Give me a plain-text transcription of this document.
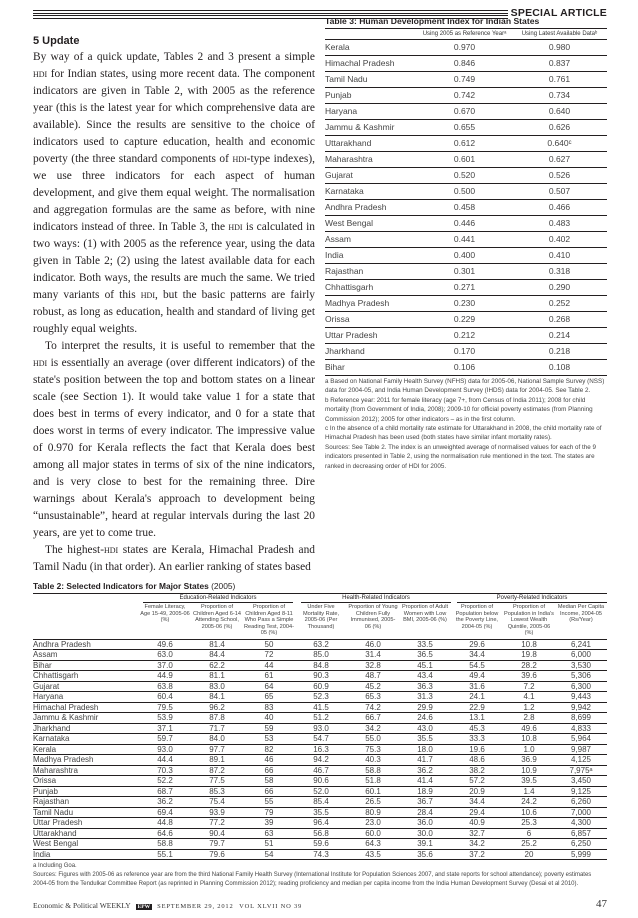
SPECIAL ARTICLE
5 Update

By way of a quick update, Tables 2 and 3 present a simple hdi for Indian states, using more recent data. The component indicators are given in Table 2, with 2005 as the reference year (this is the latest year for which comprehensive data are available). Since the results are sensitive to the choice of indicators used to capture education, health and economic poverty (the three standard components of hdi-type indexes), we use three indicators for each aspect of human development, and give them equal weight. The normalisation and aggregation formulas are the same as before, with nine indicators instead of three. In Table 3, the hdi is calculated in two ways: (1) with 2005 as the reference year, using the data given in Table 2; (2) using the latest available data for each indicator. Both ways, the results are much the same. We tried many variants of this hdi, but the basic patterns are fairly robust, as long as education, health and standard of living get roughly equal weights.

To interpret the results, it is useful to remember that the hdi is essentially an average (over different indicators) of the state's position between the top and bottom states on a linear scale (see Section 1). It would take value 1 for a state that does best in terms of every indicator, and 0 for a state that does worst in terms of every indicator. The impressive value of 0.970 for Kerala reflects the fact that Kerala does best among all major states in terms of six of the nine indicators, and is very close to best for the remaining three. Dire warnings about Kerala's approach to development being “unsustainable”, heard at regular intervals during the last 20 years, are yet to come true.

The highest-hdi states are Kerala, Himachal Pradesh and Tamil Nadu (in that order). An earlier ranking of states based

Table 3: Human Development Index for Indian States
Using 2005 as Reference Yearᵃ	Using Latest Available Dataᵇ
Kerala	0.970	0.980
Himachal Pradesh	0.846	0.837
Tamil Nadu	0.749	0.761
Punjab	0.742	0.734
Haryana	0.670	0.640
Jammu & Kashmir	0.655	0.626
Uttarakhand	0.612	0.640ᶜ
Maharashtra	0.601	0.627
Gujarat	0.520	0.526
Karnataka	0.500	0.507
Andhra Pradesh	0.458	0.466
West Bengal	0.446	0.483
Assam	0.441	0.402
India	0.400	0.410
Rajasthan	0.301	0.318
Chhattisgarh	0.271	0.290
Madhya Pradesh	0.230	0.252
Orissa	0.229	0.268
Uttar Pradesh	0.212	0.214
Jharkhand	0.170	0.218
Bihar	0.106	0.108
a Based on National Family Health Survey (NFHS) data for 2005-06, National Sample Survey (NSS) data for 2004-05, and India Human Development Survey (IHDS) data for 2004-05. See Table 2.
b Reference year: 2011 for female literacy (age 7+, from Census of India 2011); 2008 for child mortality (from Government of India, 2008); 2009-10 for official poverty estimates (from Planning Commission 2012); 2005 for other indicators – as in the first column.
c In the absence of a child mortality rate estimate for Uttarakhand in 2008, the child mortality rate of Himachal Pradesh has been used (both states have similar infant mortality rates).
Sources: See Table 2. The index is an unweighted average of normalised values for each of the 9 indicators presented in Table 2, using the normalisation rule mentioned in the text. The states are ranked in decreasing order of HDI for 2005.
Table 2: Selected Indicators for Major States (2005)
Education-Related Indicators	Health-Related Indicators	Poverty-Related Indicators
Female Literacy, Age 15-49, 2005-06 (%)
Proportion of Children Aged 6-14 Attending School, 2005-06 (%)
Proportion of Children Aged 8-11 Who Pass a Simple Reading Test, 2004-05 (%)
Under Five Mortality Rate, 2005-06 (Per Thousand)
Proportion of Young Children Fully Immunised, 2005-06 (%)
Proportion of Adult Women with Low BMI, 2005-06 (%)
Proportion of Population below the Poverty Line, 2004-05 (%)
Proportion of Population in India's Lowest Wealth Quintile, 2005-06 (%)
Median Per Capita Income, 2004-05 (Rs/Year)
Andhra Pradesh	49.6	81.4	50	63.2	46.0	33.5	29.6	10.8	6,241
Assam	63.0	84.4	72	85.0	31.4	36.5	34.4	19.8	6,000
Bihar	37.0	62.2	44	84.8	32.8	45.1	54.5	28.2	3,530
Chhattisgarh	44.9	81.1	61	90.3	48.7	43.4	49.4	39.6	5,306
Gujarat	63.8	83.0	64	60.9	45.2	36.3	31.6	7.2	6,300
Haryana	60.4	84.1	65	52.3	65.3	31.3	24.1	4.1	9,443
Himachal Pradesh	79.5	96.2	83	41.5	74.2	29.9	22.9	1.2	9,942
Jammu & Kashmir	53.9	87.8	40	51.2	66.7	24.6	13.1	2.8	8,699
Jharkhand	37.1	71.7	59	93.0	34.2	43.0	45.3	49.6	4,833
Karnataka	59.7	84.0	53	54.7	55.0	35.5	33.3	10.8	5,964
Kerala	93.0	97.7	82	16.3	75.3	18.0	19.6	1.0	9,987
Madhya Pradesh	44.4	89.1	46	94.2	40.3	41.7	48.6	36.9	4,125
Maharashtra	70.3	87.2	66	46.7	58.8	36.2	38.2	10.9	7,975ᵃ
Orissa	52.2	77.5	58	90.6	51.8	41.4	57.2	39.5	3,450
Punjab	68.7	85.3	66	52.0	60.1	18.9	20.9	1.4	9,125
Rajasthan	36.2	75.4	55	85.4	26.5	36.7	34.4	24.2	6,260
Tamil Nadu	69.4	93.9	79	35.5	80.9	28.4	29.4	10.6	7,000
Uttar Pradesh	44.8	77.2	39	96.4	23.0	36.0	40.9	25.3	4,300
Uttarakhand	64.6	90.4	63	56.8	60.0	30.0	32.7	6	6,857
West Bengal	58.8	79.7	51	59.6	64.3	39.1	34.2	25.2	6,250
India	55.1	79.6	54	74.3	43.5	35.6	37.2	20	5,999
a Including Goa.
Sources: Figures with 2005-06 as reference year are from the third National Family Health Survey (International Institute for Population Sciences 2007, and state reports for school attendance); poverty estimates 2004-05 from the Tendulkar Committee Report (as reprinted in Planning Commission 2012); reading proficiency and median per capita income from the India Human Development Survey (Desai et al 2010).
Economic & Political WEEKLY EPW SEPTEMBER 29, 2012 VOL XLVII NO 39	47
